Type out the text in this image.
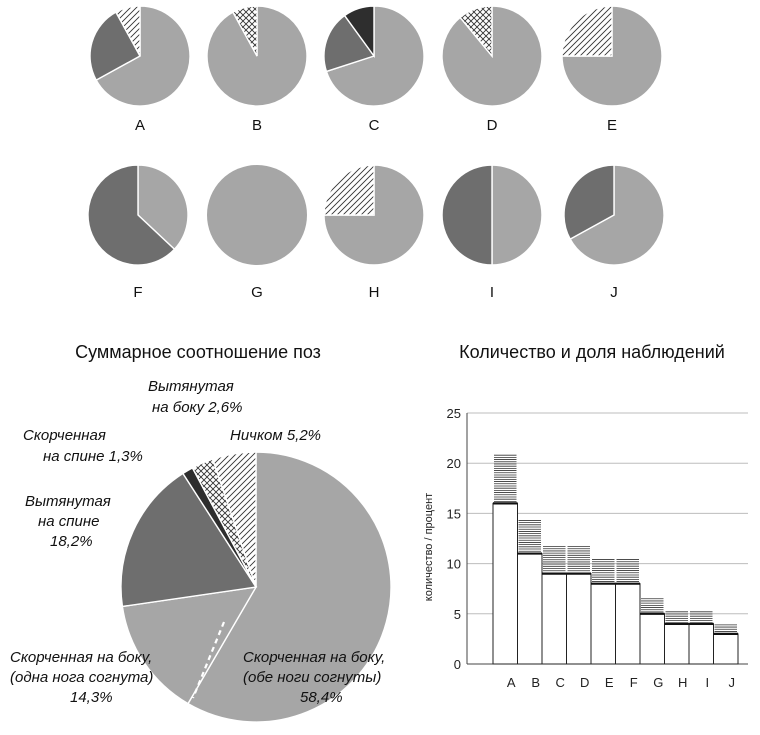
A	B	C	D	E
F	G	H	I	J
Суммарное соотношение поз
Вытянутая
на боку 2,6%
Скорченная
на спине 1,3%
Ничком 5,2%
Вытянутая
на спине
18,2%
Скорченная на боку,
(одна нога согнута)
14,3%
Скорченная на боку,
(обе ноги согнуты)
58,4%
Количество и доля наблюдений
количество / процент
0
5
10
15
20
25
A B C D E F G H I J
